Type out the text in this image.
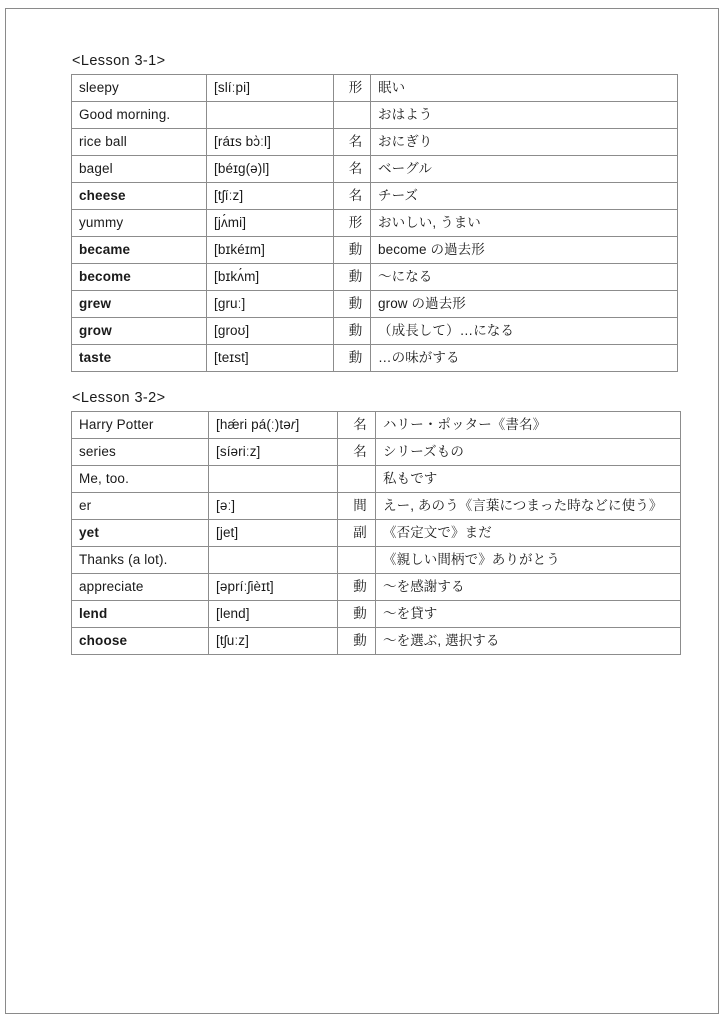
<Lesson 3-1>
sleepy	[slíːpi]	形	眠い
Good morning.			おはよう
rice ball	[ráɪs bɔ̀ːl]	名	おにぎり
bagel	[béɪg(ə)l]	名	ベーグル
cheese	[tʃíːz]	名	チーズ
yummy	[jʌ́mi]	形	おいしい, うまい
became	[bɪkéɪm]	動	become の過去形
become	[bɪkʌ́m]	動	〜になる
grew	[gruː]	動	grow の過去形
grow	[groʊ]	動	（成長して）…になる
taste	[teɪst]	動	…の味がする
<Lesson 3-2>
Harry Potter	[hǽri pá(ː)tər]	名	ハリー・ポッター《書名》
series	[síəriːz]	名	シリーズもの
Me, too.			私もです
er	[əː]	間	えー, あのう《言葉につまった時などに使う》
yet	[jet]	副	《否定文で》まだ
Thanks (a lot).			《親しい間柄で》ありがとう
appreciate	[əpríːʃièɪt]	動	〜を感謝する
lend	[lend]	動	〜を貸す
choose	[tʃuːz]	動	〜を選ぶ, 選択する
